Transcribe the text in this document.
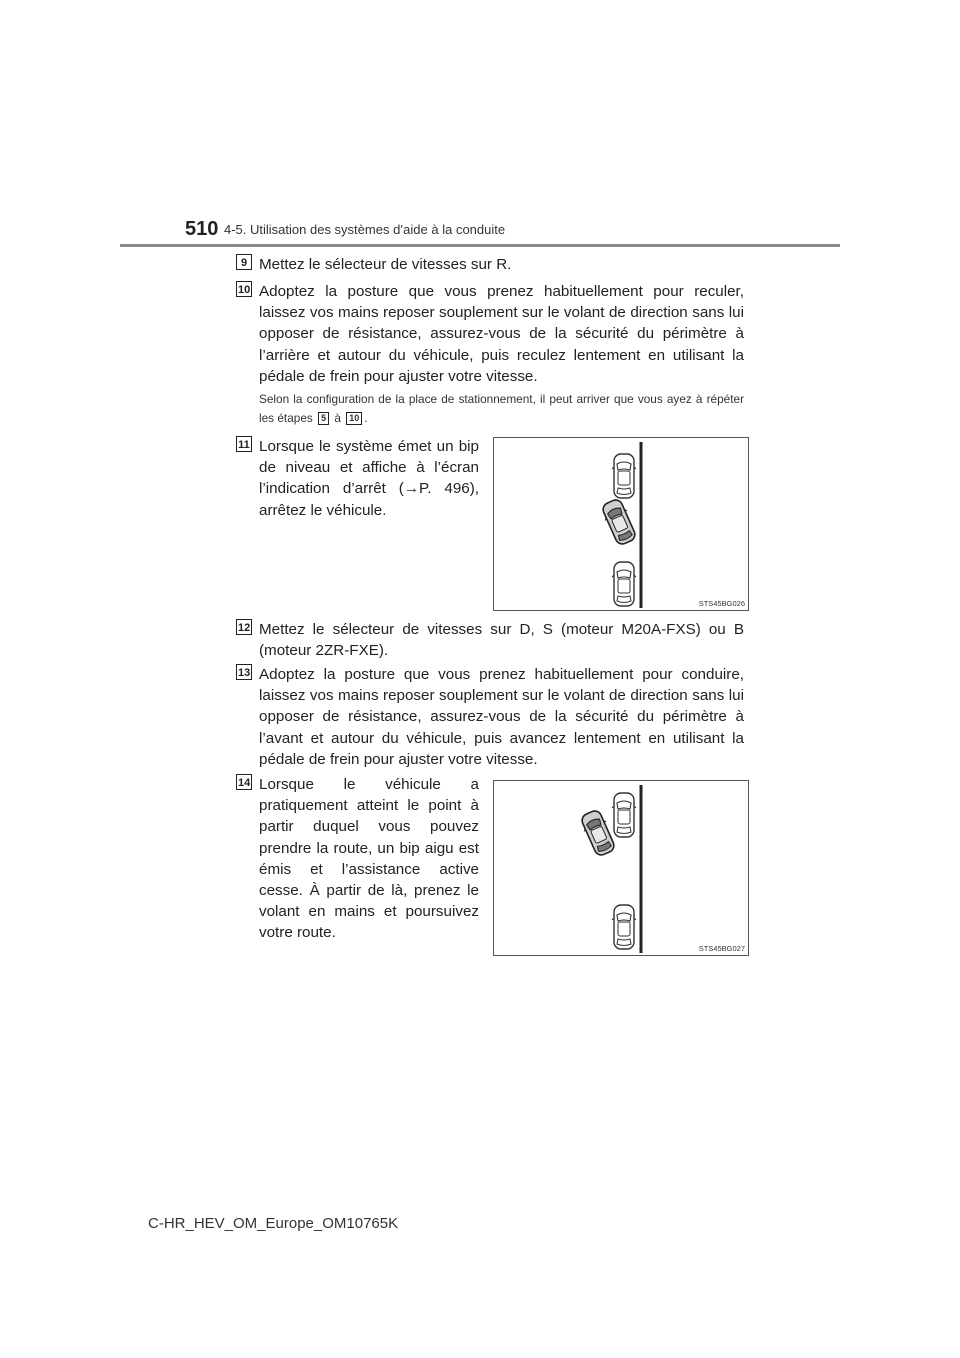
510 4-5. Utilisation des systèmes d’aide à la conduite
9 Mettez le sélecteur de vitesses sur R.

10 Adoptez la posture que vous prenez habituellement pour reculer, laissez vos mains reposer souplement sur le volant de direction sans lui opposer de résistance, assurez-vous de la sécurité du périmètre à l’arrière et autour du véhicule, puis reculez lentement en utilisant la pédale de frein pour ajuster votre vitesse.

Selon la configuration de la place de stationnement, il peut arriver que vous ayez à répéter les étapes 5 à 10 .

11 Lorsque le système émet un bip de niveau et affiche à l’écran l’indication d’arrêt (→P. 496), arrêtez le véhicule.

STS45BG026
12 Mettez le sélecteur de vitesses sur D, S (moteur M20A-FXS) ou B (moteur 2ZR-FXE).

13 Adoptez la posture que vous prenez habituellement pour conduire, laissez vos mains reposer souplement sur le volant de direction sans lui opposer de résistance, assurez-vous de la sécurité du périmètre à l’avant et autour du véhicule, puis avancez lentement en utilisant la pédale de frein pour ajuster votre vitesse.

14 Lorsque le véhicule a pratiquement atteint le point à partir duquel vous pouvez prendre la route, un bip aigu est émis et l’assistance active cesse. À partir de là, prenez le volant en mains et poursuivez votre route.

STS45BG027
C-HR_HEV_OM_Europe_OM10765K
